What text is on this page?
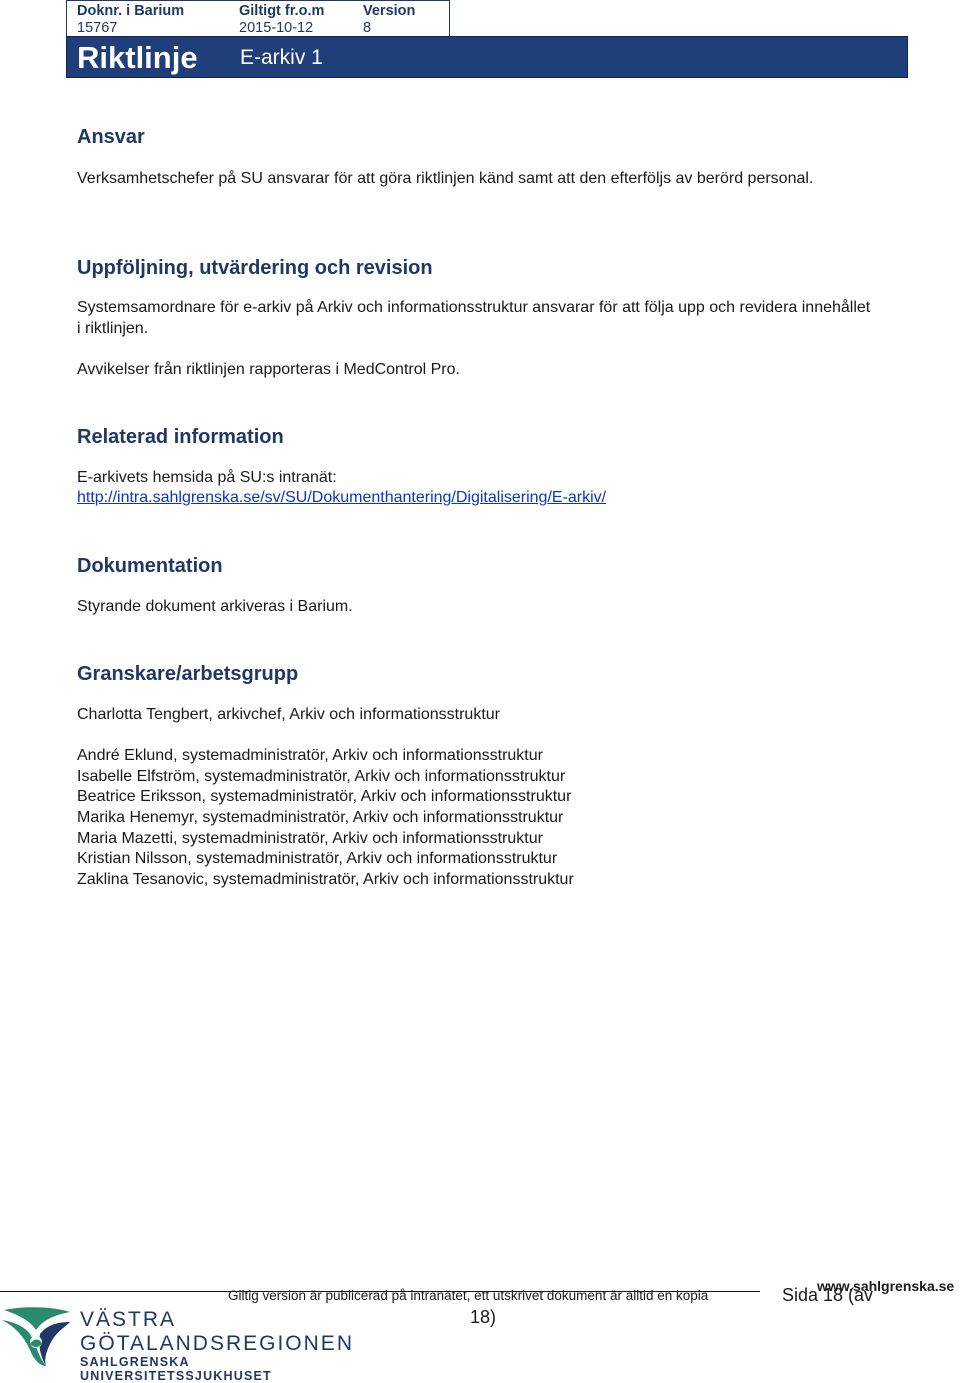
Doknr. i Barium
15767
Giltigt fr.o.m
2015-10-12
Version
8
Riktlinje E-arkiv 1
Ansvar
Verksamhetschefer på SU ansvarar för att göra riktlinjen känd samt att den efterföljs av berörd personal.
Uppföljning, utvärdering och revision
Systemsamordnare för e-arkiv på Arkiv och informationsstruktur ansvarar för att följa upp och revidera innehållet i riktlinjen.
Avvikelser från riktlinjen rapporteras i MedControl Pro.
Relaterad information
E-arkivets hemsida på SU:s intranät:
http://intra.sahlgrenska.se/sv/SU/Dokumenthantering/Digitalisering/E-arkiv/
Dokumentation
Styrande dokument arkiveras i Barium.
Granskare/arbetsgrupp
Charlotta Tengbert, arkivchef, Arkiv och informationsstruktur
André Eklund, systemadministratör, Arkiv och informationsstruktur
Isabelle Elfström, systemadministratör, Arkiv och informationsstruktur
Beatrice Eriksson, systemadministratör, Arkiv och informationsstruktur
Marika Henemyr, systemadministratör, Arkiv och informationsstruktur
Maria Mazetti, systemadministratör, Arkiv och informationsstruktur
Kristian Nilsson, systemadministratör, Arkiv och informationsstruktur
Zaklina Tesanovic, systemadministratör, Arkiv och informationsstruktur
Giltig version är publicerad på intranätet, ett utskrivet dokument är alltid en kopia
18)
Sida 18 (av
www.sahlgrenska.se
VÄSTRA
GÖTALANDSREGIONEN
SAHLGRENSKA UNIVERSITETSSJUKHUSET
